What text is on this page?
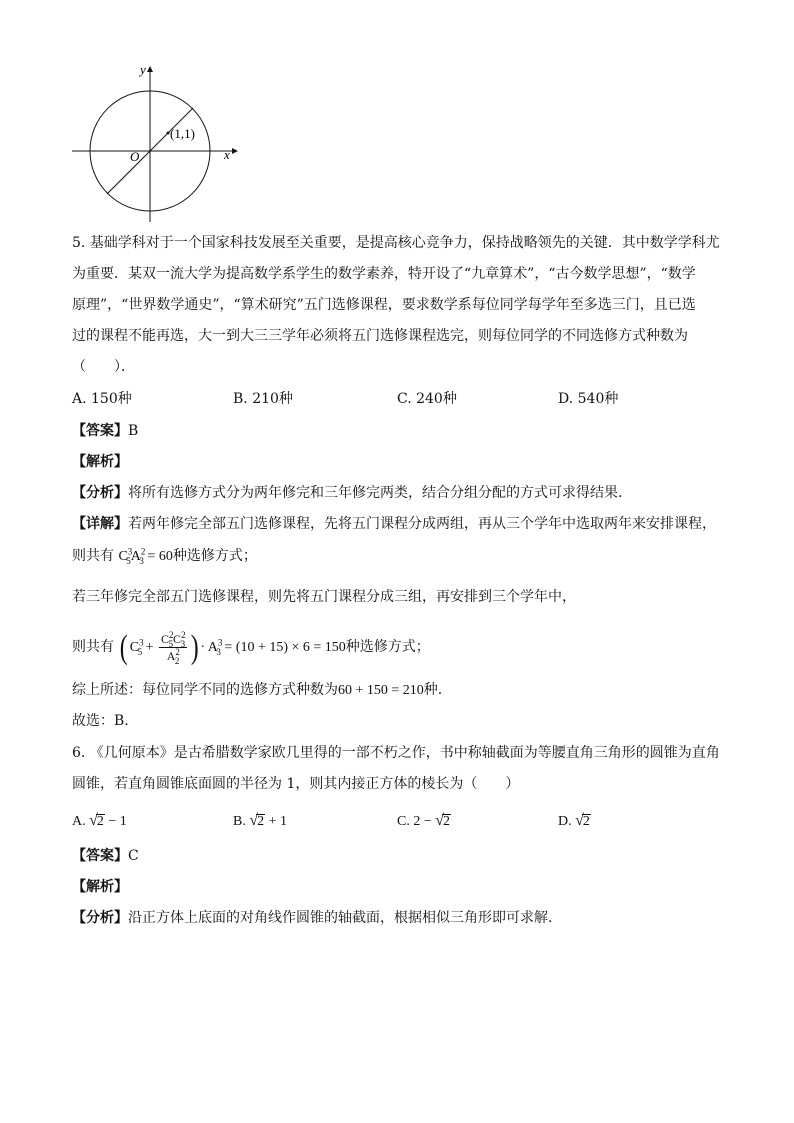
y
x
O
(1,1)
5. 基础学科对于一个国家科技发展至关重要，是提高核心竞争力，保持战略领先的关键．其中数学学科尤
为重要．某双一流大学为提高数学系学生的数学素养，特开设了“九章算术”，“古今数学思想”，“数学
原理”，“世界数学通史”，“算术研究”五门选修课程，要求数学系每位同学每学年至多选三门，且已选
过的课程不能再选，大一到大三三学年必须将五门选修课程选完，则每位同学的不同选修方式种数为
（　　）．
A. 150种	B. 210种	C. 240种	D. 540种
【答案】B
【解析】
【分析】将所有选修方式分为两年修完和三年修完两类，结合分组分配的方式可求得结果.
【详解】若两年修完全部五门选修课程，先将五门课程分成两组，再从三个学年中选取两年来安排课程，
则共有 $C^3_5A^2_3 = 60$种选修方式；
若三年修完全部五门选修课程，则先将五门课程分成三组，再安排到三个学年中，
则共有 ( $C^3_5 + \frac{C^2_5C^2_3}{A^2_2}$ ) · $A^3_3 = (10 + 15) \times 6 = 150$种选修方式；
综上所述：每位同学不同的选修方式种数为60 + 150 = 210种.
故选：B.
6. 《几何原本》是古希腊数学家欧几里得的一部不朽之作，书中称轴截面为等腰直角三角形的圆锥为直角
圆锥，若直角圆锥底面圆的半径为 1，则其内接正方体的棱长为（　　）
A. √2 − 1	B. √2 + 1	C. 2 − √2	D. √2
【答案】C
【解析】
【分析】沿正方体上底面的对角线作圆锥的轴截面，根据相似三角形即可求解.
